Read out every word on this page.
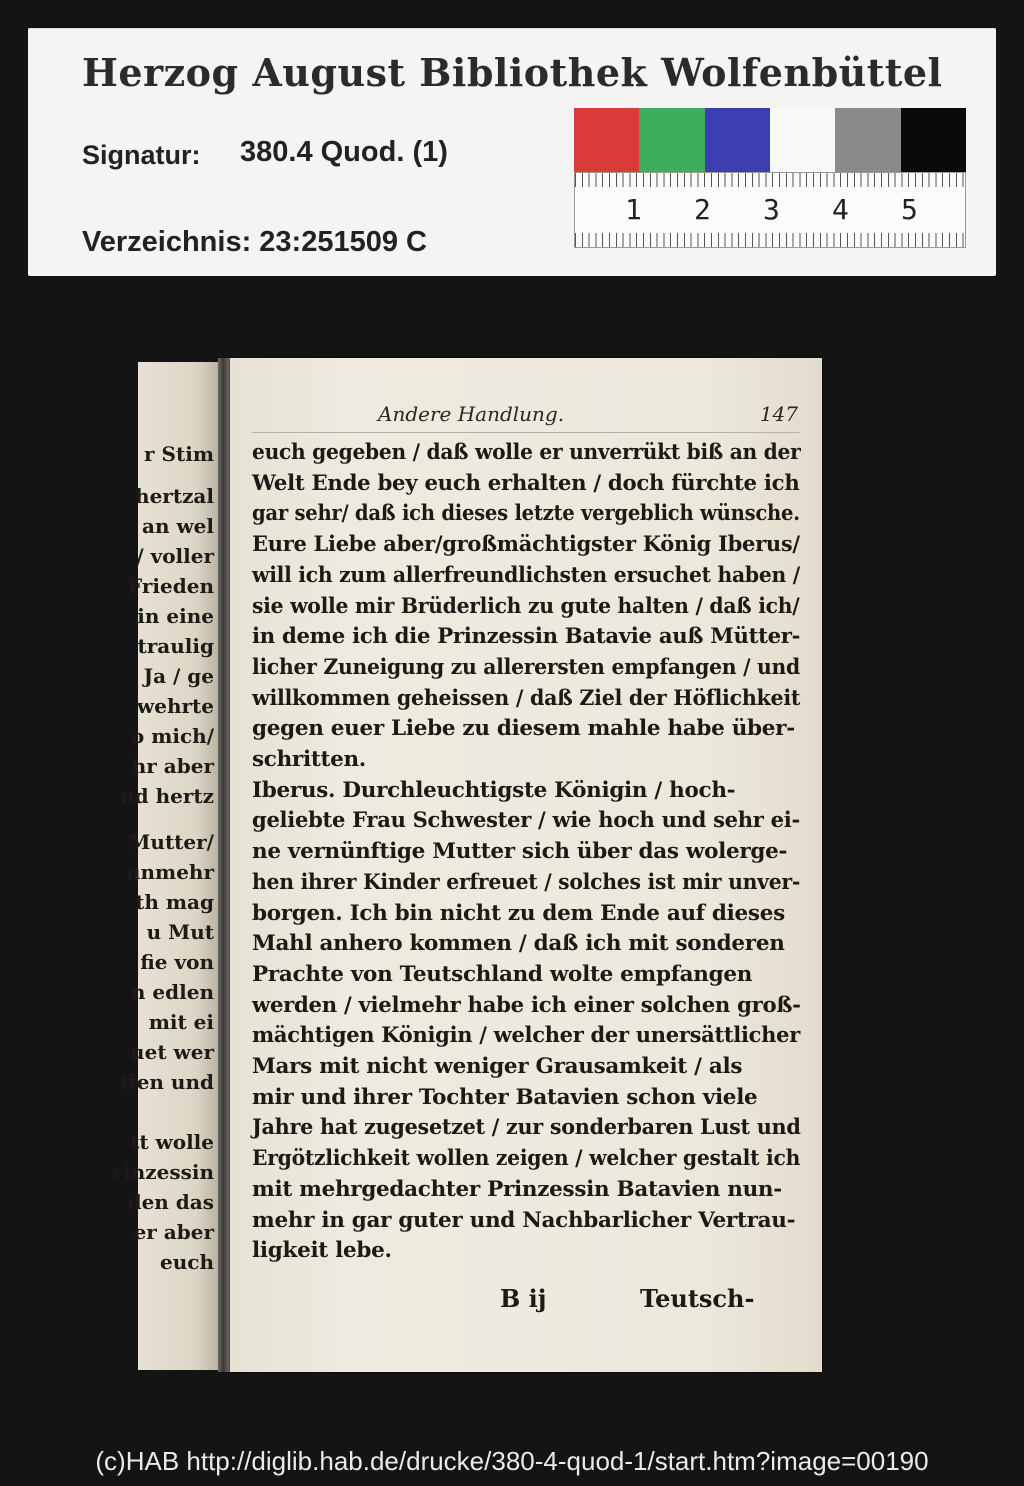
Herzog August Bibliothek Wolfenbüttel
Signatur: 380.4 Quod. (1)
Verzeichnis: 23:251509 C
1 2 3 4 5
r Stim
hertzal
an wel
/ voller
Frieden
in eine
traulig
Ja / ge
wehrte
o mich/
hr aber
nd hertz
Mutter/
unmehr
th mag
u Mut
fie von
n edlen
mit ei
uet wer
ffen und
tt wolle
rinzessin
den das
er aber
euch
Andere Handlung.	147
B ij	Teutsch-
euch gegeben / daß wolle er unverrükt biß an der
Welt Ende bey euch erhalten / doch fürchte ich
gar sehr/ daß ich dieses letzte vergeblich wünsche.
Eure Liebe aber/großmächtigster König Iberus/
will ich zum allerfreundlichsten ersuchet haben /
sie wolle mir Brüderlich zu gute halten / daß ich/
in deme ich die Prinzessin Batavie auß Mütter-
licher Zuneigung zu allerersten empfangen / und
willkommen geheissen / daß Ziel der Höflichkeit
gegen euer Liebe zu diesem mahle habe über-
schritten.
Iberus. Durchleuchtigste Königin / hoch-
geliebte Frau Schwester / wie hoch und sehr ei-
ne vernünftige Mutter sich über das wolerge-
hen ihrer Kinder erfreuet / solches ist mir unver-
borgen. Ich bin nicht zu dem Ende auf dieses
Mahl anhero kommen / daß ich mit sonderen
Prachte von Teutschland wolte empfangen
werden / vielmehr habe ich einer solchen groß-
mächtigen Königin / welcher der unersättlicher
Mars mit nicht weniger Grausamkeit / als
mir und ihrer Tochter Batavien schon viele
Jahre hat zugesetzet / zur sonderbaren Lust und
Ergötzlichkeit wollen zeigen / welcher gestalt ich
mit mehrgedachter Prinzessin Batavien nun-
mehr in gar guter und Nachbarlicher Vertrau-
ligkeit lebe.
(c)HAB http://diglib.hab.de/drucke/380-4-quod-1/start.htm?image=00190
